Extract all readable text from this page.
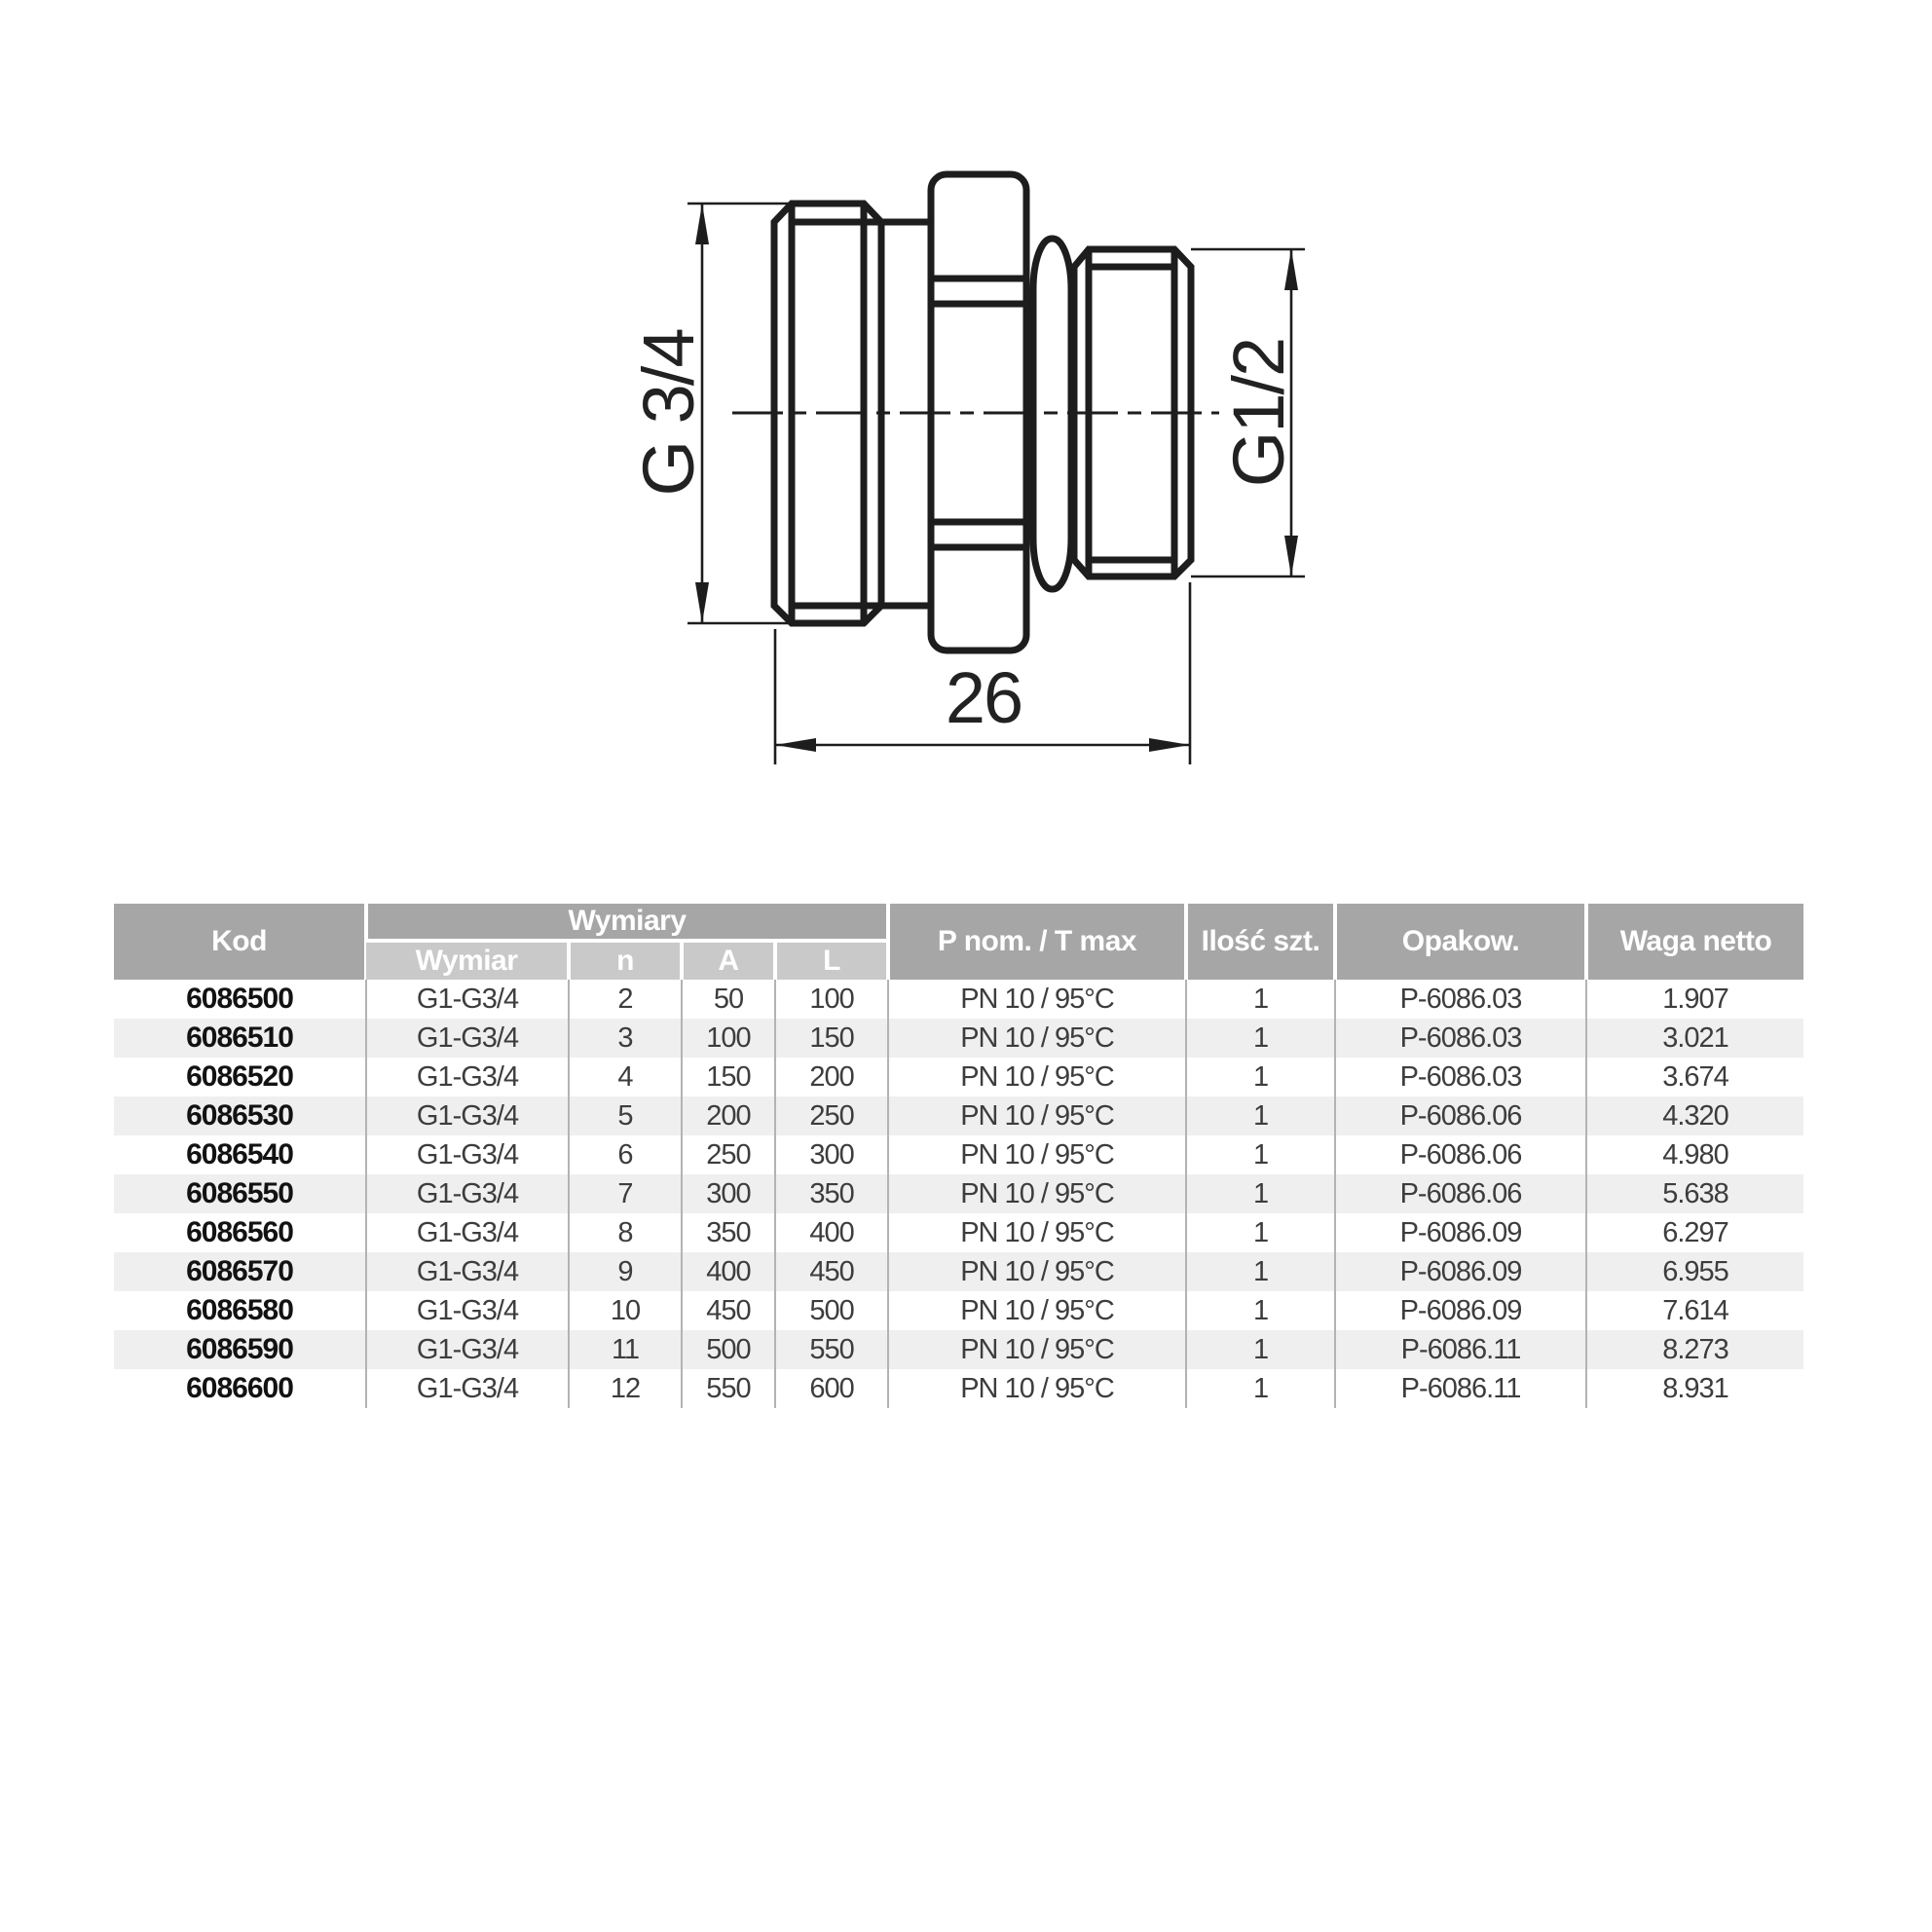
G 3/4	G1/2
26
Kod	Wymiary				P nom. / T max	Ilość szt.	Opakow.	Waga netto
	Wymiar	n	A	L				
6086500	G1-G3/4	2	50	100	PN 10 / 95°C	1	P-6086.03	1.907
6086510	G1-G3/4	3	100	150	PN 10 / 95°C	1	P-6086.03	3.021
6086520	G1-G3/4	4	150	200	PN 10 / 95°C	1	P-6086.03	3.674
6086530	G1-G3/4	5	200	250	PN 10 / 95°C	1	P-6086.06	4.320
6086540	G1-G3/4	6	250	300	PN 10 / 95°C	1	P-6086.06	4.980
6086550	G1-G3/4	7	300	350	PN 10 / 95°C	1	P-6086.06	5.638
6086560	G1-G3/4	8	350	400	PN 10 / 95°C	1	P-6086.09	6.297
6086570	G1-G3/4	9	400	450	PN 10 / 95°C	1	P-6086.09	6.955
6086580	G1-G3/4	10	450	500	PN 10 / 95°C	1	P-6086.09	7.614
6086590	G1-G3/4	11	500	550	PN 10 / 95°C	1	P-6086.11	8.273
6086600	G1-G3/4	12	550	600	PN 10 / 95°C	1	P-6086.11	8.931
